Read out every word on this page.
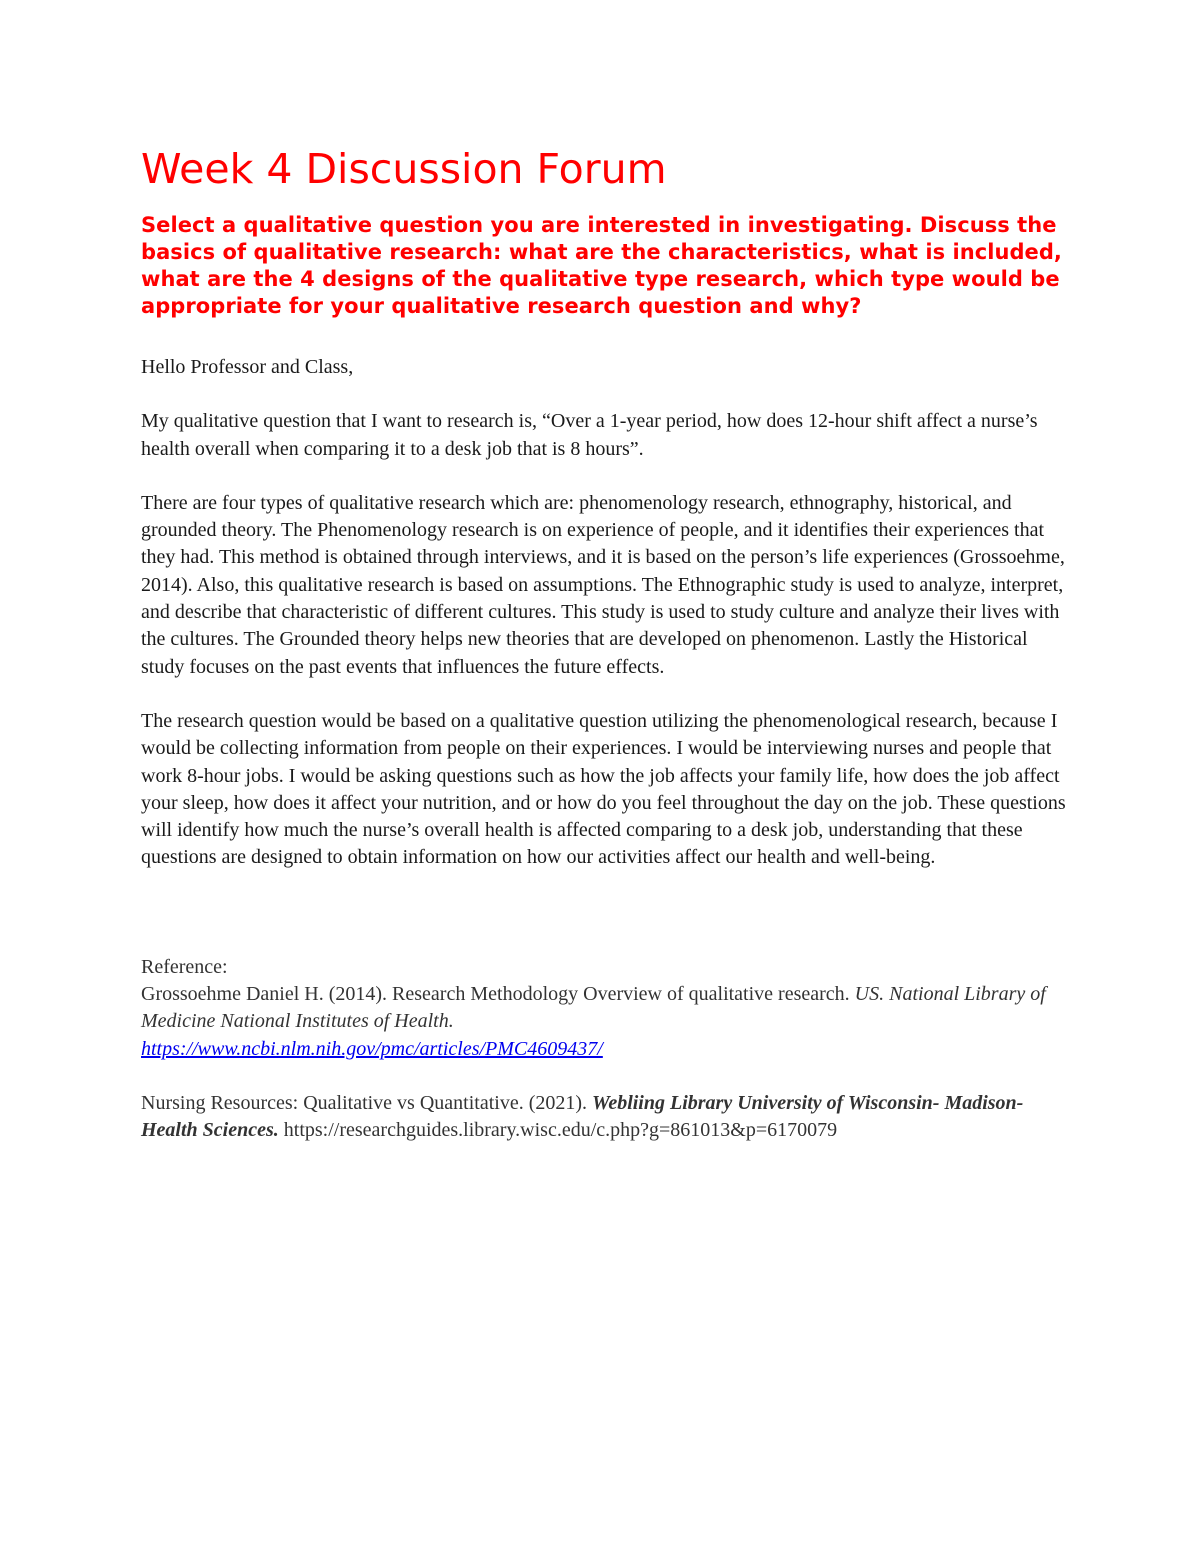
Week 4 Discussion Forum

Select a qualitative question you are interested in investigating. Discuss the basics of qualitative research: what are the characteristics, what is included, what are the 4 designs of the qualitative type research, which type would be appropriate for your qualitative research question and why?

Hello Professor and Class,

My qualitative question that I want to research is, “Over a 1-year period, how does 12-hour shift affect a nurse’s health overall when comparing it to a desk job that is 8 hours”.

There are four types of qualitative research which are: phenomenology research, ethnography, historical, and grounded theory. The Phenomenology research is on experience of people, and it identifies their experiences that they had. This method is obtained through interviews, and it is based on the person’s life experiences (Grossoehme, 2014). Also, this qualitative research is based on assumptions. The Ethnographic study is used to analyze, interpret, and describe that characteristic of different cultures. This study is used to study culture and analyze their lives with the cultures. The Grounded theory helps new theories that are developed on phenomenon. Lastly the Historical study focuses on the past events that influences the future effects.

The research question would be based on a qualitative question utilizing the phenomenological research, because I would be collecting information from people on their experiences. I would be interviewing nurses and people that work 8-hour jobs. I would be asking questions such as how the job affects your family life, how does the job affect your sleep, how does it affect your nutrition, and or how do you feel throughout the day on the job. These questions will identify how much the nurse’s overall health is affected comparing to a desk job, understanding that these questions are designed to obtain information on how our activities affect our health and well-being.

Reference:

Grossoehme Daniel H. (2014). Research Methodology Overview of qualitative research. US. National Library of Medicine National Institutes of Health.
https://www.ncbi.nlm.nih.gov/pmc/articles/PMC4609437/

Nursing Resources: Qualitative vs Quantitative. (2021). Webliing Library University of Wisconsin- Madison- Health Sciences. https://researchguides.library.wisc.edu/c.php?g=861013&p=6170079
